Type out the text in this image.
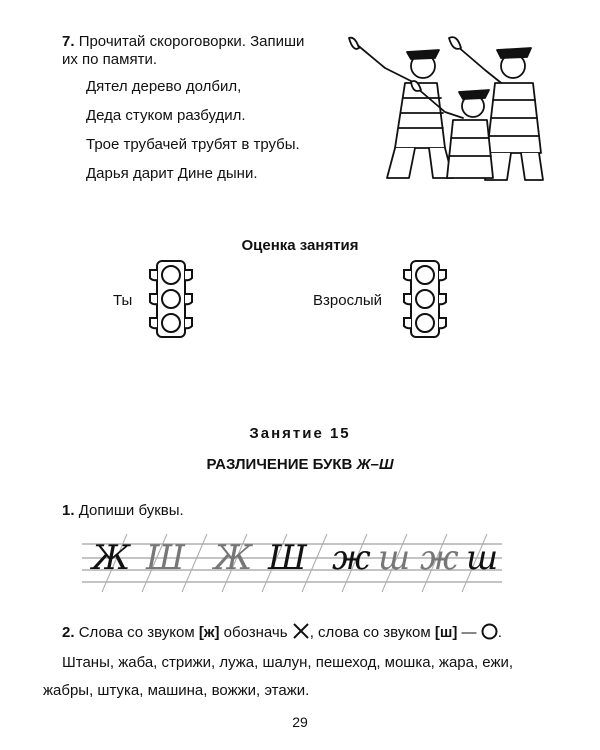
7. Прочитай скороговорки. Запиши
их по памяти.
Дятел дерево долбил,
Деда стуком разбудил.
Трое трубачей трубят в трубы.
Дарья дарит Дине дыни.
Оценка занятия
Ты	Взрослый
Занятие 15
РАЗЛИЧЕНИЕ БУКВ Ж–Ш
1. Допиши буквы.
Ж Ш Ж Ш ж ш ж ш
2. Слова со звуком [ж] обозначь
, слова со звуком [ш] —
.
Штаны, жаба, стрижи, лужа, шалун, пешеход, мошка, жара, ежи,
жабры, штука, машина, вожжи, этажи.
29
